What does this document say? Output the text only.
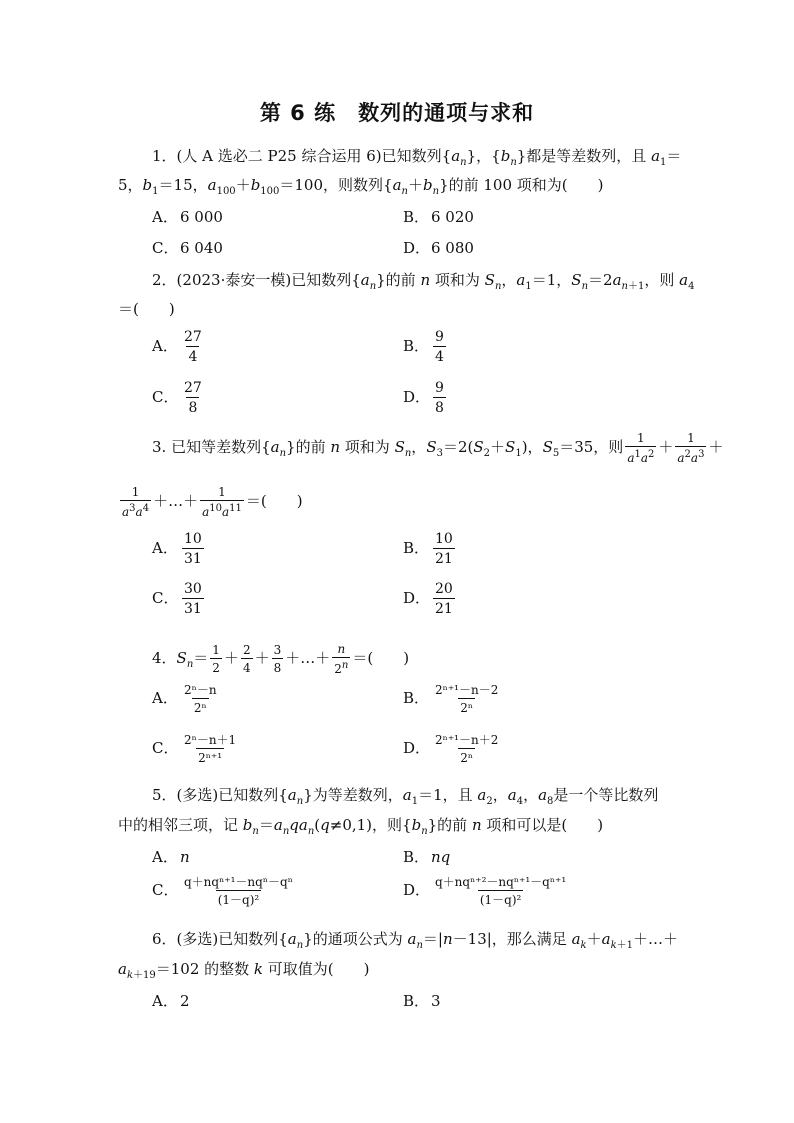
第 6 练 数列的通项与求和
1．(人 A 选必二 P25 综合运用 6)已知数列$\{a_n\}$，$\{b_n\}$都是等差数列，且 $a_1=$
5，$b_1=15$，$a_{100}+b_{100}=100$，则数列$\{a_n+b_n\}$的前 100 项和为(　　)
A． 6 000	B． 6 020
C． 6 040	D．6 080
2．(2023·泰安一模)已知数列$\{a_n\}$的前 n 项和为 $S_n$，$a_1=1$，$S_n=2a_{n+1}$，则 $a_4$
＝(　　)
A． $\frac{27}{4}$	B． $\frac{9}{4}$
C． $\frac{27}{8}$	D． $\frac{9}{8}$
3. 已知等差数列$\{a_n\}$的前 n 项和为 $S_n$，$S_3=2(S_2+S_1)$，$S_5=35$，则 $\frac{1}{a^1a^2} + \frac{1}{a^2a^3}$ ＋
$\frac{1}{a^3a^4}$ ＋…＋ $\frac{1}{a^{10}a^{11}}$ ＝(　　)
A． $\frac{10}{31}$	B． $\frac{10}{21}$
C． $\frac{30}{31}$	D． $\frac{20}{21}$
4．$S_n= \frac{1}{2} + \frac{2}{4} + \frac{3}{8}$ ＋…＋ $\frac{n}{2^n}$ ＝(　　)
A． $\frac{\text{2ⁿ－n}}{\text{2ⁿ}}$	B． $\frac{\text{2ⁿ⁺¹－n－2}}{\text{2ⁿ}}$
C． $\frac{\text{2ⁿ－n＋1}}{\text{2ⁿ⁺¹}}$	D． $\frac{\text{2ⁿ⁺¹－n＋2}}{\text{2ⁿ}}$
5．(多选)已知数列$\{a_n\}$为等差数列，$a_1=1$，且 $a_2$，$a_4$，$a_8$是一个等比数列
中的相邻三项，记 $b_n=a_nqa_n(q\ne 0,1)$，则$\{b_n\}$的前 n 项和可以是(　　)
A． n	B． nq
C． $\frac{\text{q＋nqⁿ⁺¹－nqⁿ－qⁿ}}{\text{(1－q)²}}$	D． $\frac{\text{q＋nqⁿ⁺²－nqⁿ⁺¹－qⁿ⁺¹}}{\text{(1－q)²}}$
6．(多选)已知数列$\{a_n\}$的通项公式为 $a_n=|n-13|$，那么满足 $a_k+a_{k+1}+\dots+$
$a_{k+19}=102$ 的整数 k 可取值为(　　)
A． 2	B． 3
